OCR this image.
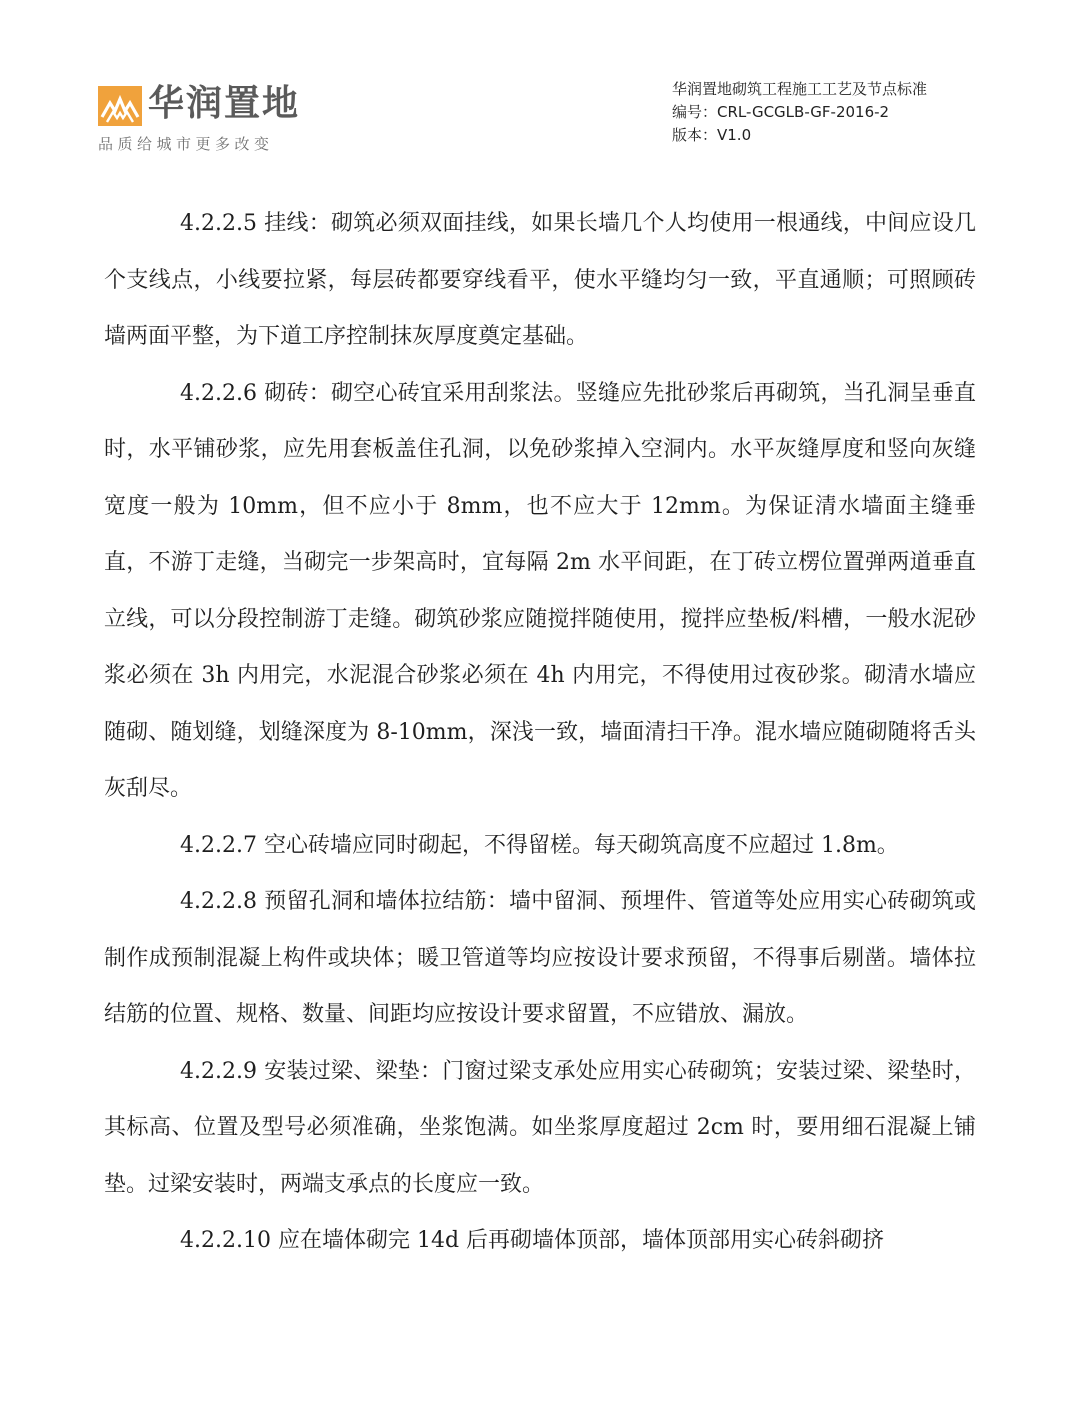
华润置地
品质给城市更多改变
华润置地砌筑工程施工工艺及节点标准
编号：CRL-GCGLB-GF-2016-2
版本：V1.0

4.2.2.5 挂线：砌筑必须双面挂线，如果长墙几个人均使用一根通线，中间应设几个支线点，小线要拉紧，每层砖都要穿线看平，使水平缝均匀一致，平直通顺；可照顾砖墙两面平整，为下道工序控制抹灰厚度奠定基础。

4.2.2.6 砌砖：砌空心砖宜采用刮浆法。竖缝应先批砂浆后再砌筑，当孔洞呈垂直时，水平铺砂浆，应先用套板盖住孔洞，以免砂浆掉入空洞内。水平灰缝厚度和竖向灰缝宽度一般为 10mm，但不应小于 8mm，也不应大于 12mm。为保证清水墙面主缝垂直，不游丁走缝，当砌完一步架高时，宜每隔 2m 水平间距，在丁砖立楞位置弹两道垂直立线，可以分段控制游丁走缝。砌筑砂浆应随搅拌随使用，搅拌应垫板/料槽，一般水泥砂浆必须在 3h 内用完，水泥混合砂浆必须在 4h 内用完，不得使用过夜砂浆。砌清水墙应随砌、随划缝，划缝深度为 8-10mm，深浅一致，墙面清扫干净。混水墙应随砌随将舌头灰刮尽。

4.2.2.7 空心砖墙应同时砌起，不得留槎。每天砌筑高度不应超过 1.8m。

4.2.2.8 预留孔洞和墙体拉结筋：墙中留洞、预埋件、管道等处应用实心砖砌筑或制作成预制混凝上构件或块体；暖卫管道等均应按设计要求预留，不得事后剔凿。墙体拉结筋的位置、规格、数量、间距均应按设计要求留置，不应错放、漏放。

4.2.2.9 安装过梁、梁垫：门窗过梁支承处应用实心砖砌筑；安装过梁、梁垫时，其标高、位置及型号必须准确，坐浆饱满。如坐浆厚度超过 2cm 时，要用细石混凝上铺垫。过梁安装时，两端支承点的长度应一致。

4.2.2.10 应在墙体砌完 14d 后再砌墙体顶部，墙体顶部用实心砖斜砌挤
